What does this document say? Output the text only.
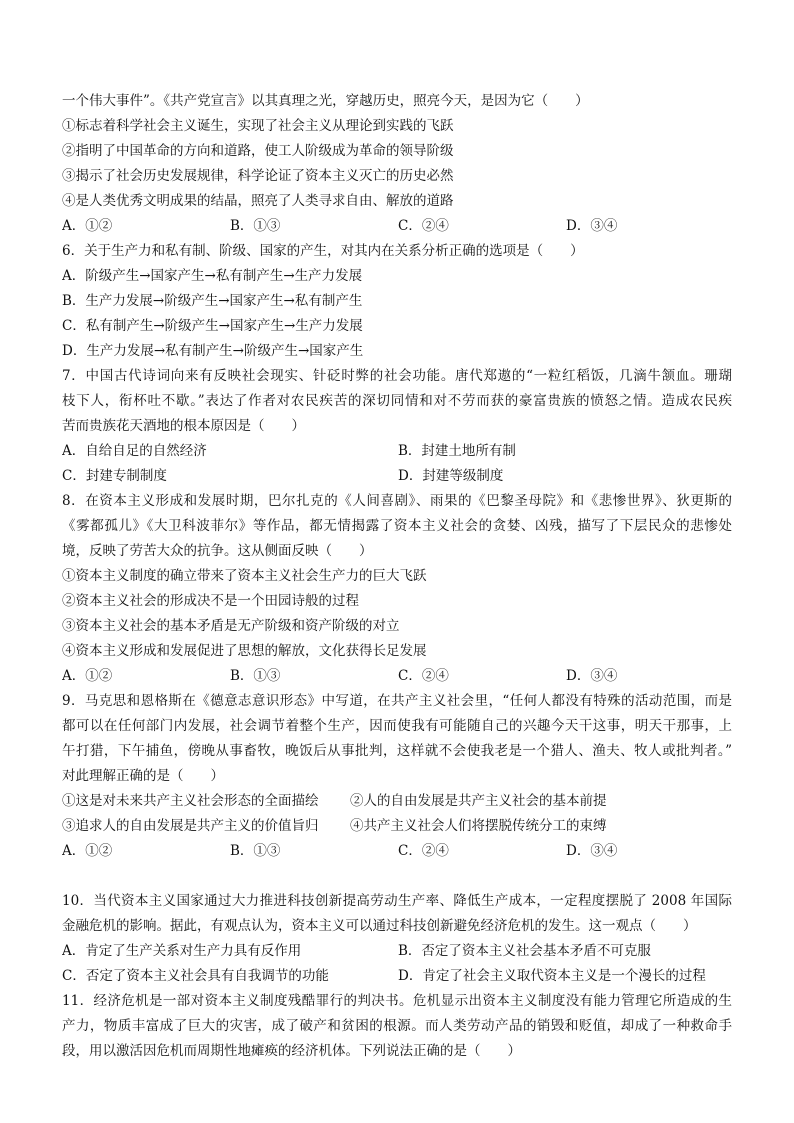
一个伟大事件”。《共产党宣言》以其真理之光，穿越历史，照亮今天，是因为它（　　）
①标志着科学社会主义诞生，实现了社会主义从理论到实践的飞跃
②指明了中国革命的方向和道路，使工人阶级成为革命的领导阶级
③揭示了社会历史发展规律，科学论证了资本主义灭亡的历史必然
④是人类优秀文明成果的结晶，照亮了人类寻求自由、解放的道路
A．①②	B．①③	C．②④	D．③④
6．关于生产力和私有制、阶级、国家的产生，对其内在关系分析正确的选项是（　　）
A．阶级产生→国家产生→私有制产生→生产力发展
B．生产力发展→阶级产生→国家产生→私有制产生
C．私有制产生→阶级产生→国家产生→生产力发展
D．生产力发展→私有制产生→阶级产生→国家产生
7．中国古代诗词向来有反映社会现实、针砭时弊的社会功能。唐代郑遨的“一粒红稻饭，几滴牛颔血。珊瑚
枝下人，衔杯吐不歇。”表达了作者对农民疾苦的深切同情和对不劳而获的豪富贵族的愤怒之情。造成农民疾
苦而贵族花天酒地的根本原因是（　　）
A．自给自足的自然经济	B．封建土地所有制
C．封建专制制度	D．封建等级制度
8．在资本主义形成和发展时期，巴尔扎克的《人间喜剧》、雨果的《巴黎圣母院》和《悲惨世界》、狄更斯的
《雾都孤儿》《大卫科波菲尔》等作品，都无情揭露了资本主义社会的贪婪、凶残，描写了下层民众的悲惨处
境，反映了劳苦大众的抗争。这从侧面反映（　　）
①资本主义制度的确立带来了资本主义社会生产力的巨大飞跃
②资本主义社会的形成决不是一个田园诗般的过程
③资本主义社会的基本矛盾是无产阶级和资产阶级的对立
④资本主义形成和发展促进了思想的解放，文化获得长足发展
A．①②	B．①③	C．②④	D．③④
9．马克思和恩格斯在《德意志意识形态》中写道，在共产主义社会里，“任何人都没有特殊的活动范围，而是
都可以在任何部门内发展，社会调节着整个生产，因而使我有可能随自己的兴趣今天干这事，明天干那事，上
午打猎，下午捕鱼，傍晚从事畜牧，晚饭后从事批判，这样就不会使我老是一个猎人、渔夫、牧人或批判者。”
对此理解正确的是（　　）
①这是对未来共产主义社会形态的全面描绘 ②人的自由发展是共产主义社会的基本前提
③追求人的自由发展是共产主义的价值旨归 ④共产主义社会人们将摆脱传统分工的束缚
A．①②	B．①③	C．②④	D．③④
10．当代资本主义国家通过大力推进科技创新提高劳动生产率、降低生产成本，一定程度摆脱了 2008 年国际
金融危机的影响。据此，有观点认为，资本主义可以通过科技创新避免经济危机的发生。这一观点（　　）
A．肯定了生产关系对生产力具有反作用	B．否定了资本主义社会基本矛盾不可克服
C．否定了资本主义社会具有自我调节的功能	D．肯定了社会主义取代资本主义是一个漫长的过程
11．经济危机是一部对资本主义制度残酷罪行的判决书。危机显示出资本主义制度没有能力管理它所造成的生
产力，物质丰富成了巨大的灾害，成了破产和贫困的根源。而人类劳动产品的销毁和贬值，却成了一种救命手
段，用以激活因危机而周期性地瘫痪的经济机体。下列说法正确的是（　　）
